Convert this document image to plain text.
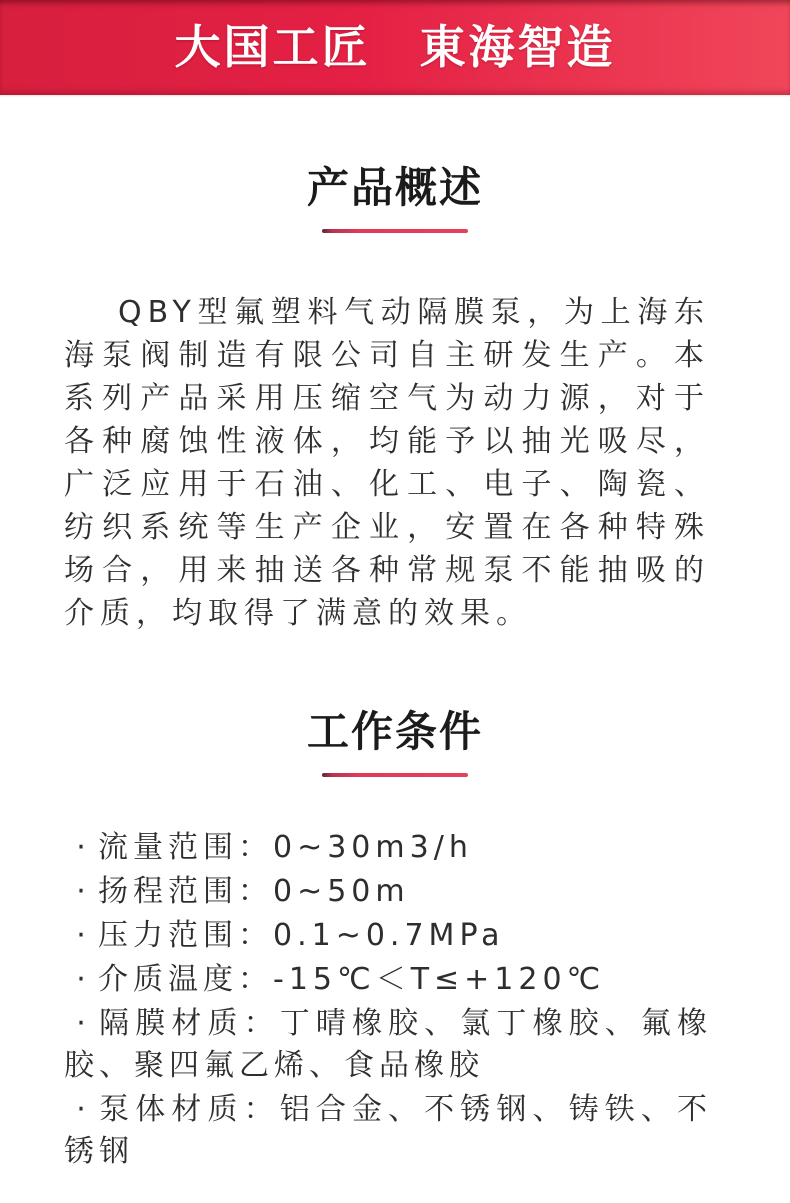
大国工匠　東海智造
产品概述

QBY型氟塑料气动隔膜泵，为上海东海泵阀制造有限公司自主研发生产。本系列产品采用压缩空气为动力源，对于各种腐蚀性液体，均能予以抽光吸尽，广泛应用于石油、化工、电子、陶瓷、纺织系统等生产企业，安置在各种特殊场合，用来抽送各种常规泵不能抽吸的介质，均取得了满意的效果。

工作条件
· 流量范围：0~30m3/h
· 扬程范围：0~50m
· 压力范围：0.1~0.7MPa
· 介质温度：-15℃＜T≤+120℃
· 隔膜材质：丁晴橡胶、氯丁橡胶、氟橡胶、聚四氟乙烯、食品橡胶
· 泵体材质：铝合金、不锈钢、铸铁、不锈钢
